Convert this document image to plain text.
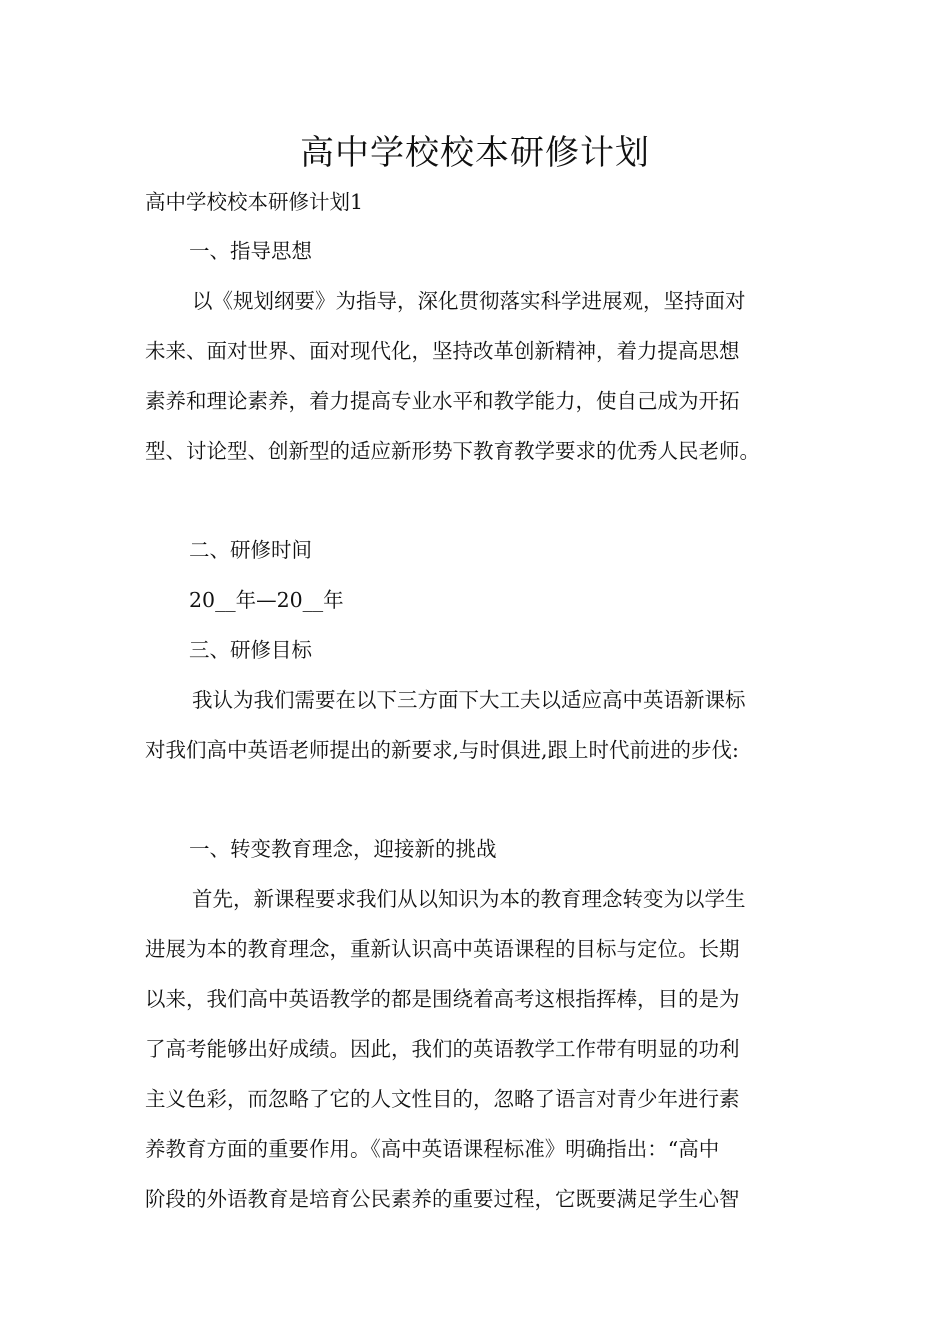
高中学校校本研修计划

高中学校校本研修计划1

一、指导思想

以《规划纲要》为指导，深化贯彻落实科学进展观，坚持面对

未来、面对世界、面对现代化，坚持改革创新精神，着力提高思想

素养和理论素养，着力提高专业水平和教学能力，使自己成为开拓

型、讨论型、创新型的适应新形势下教育教学要求的优秀人民老师。

二、研修时间

20__年—20__年

三、研修目标

我认为我们需要在以下三方面下大工夫以适应高中英语新课标

对我们高中英语老师提出的新要求,与时俱进,跟上时代前进的步伐:

一、转变教育理念，迎接新的挑战

首先，新课程要求我们从以知识为本的教育理念转变为以学生

进展为本的教育理念，重新认识高中英语课程的目标与定位。长期

以来，我们高中英语教学的都是围绕着高考这根指挥棒，目的是为

了高考能够出好成绩。因此，我们的英语教学工作带有明显的功利

主义色彩，而忽略了它的人文性目的，忽略了语言对青少年进行素

养教育方面的重要作用。《高中英语课程标准》明确指出：“高中

阶段的外语教育是培育公民素养的重要过程，它既要满足学生心智
